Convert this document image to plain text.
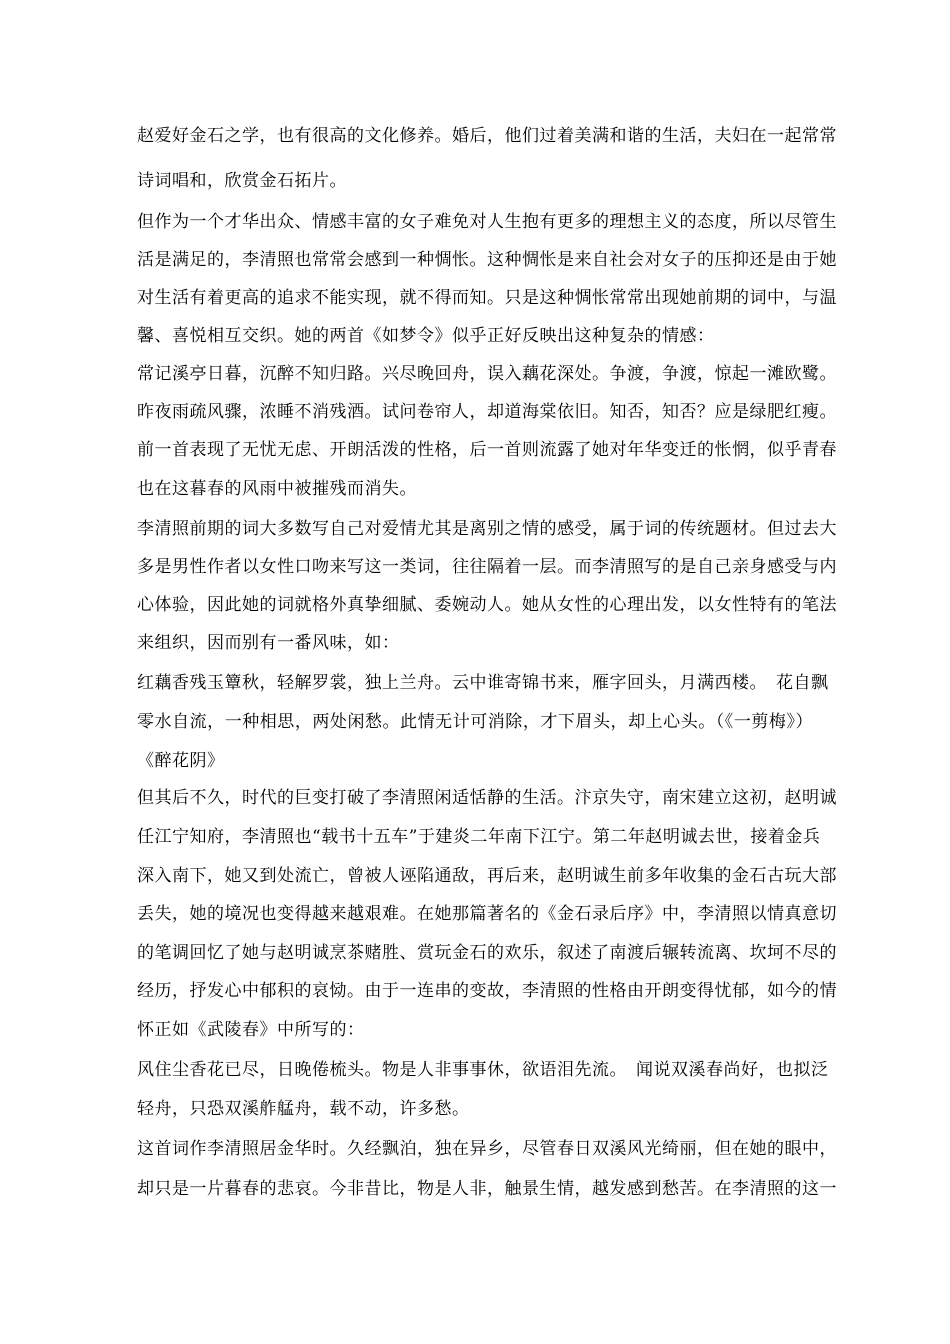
赵爱好金石之学，也有很高的文化修养。婚后，他们过着美满和谐的生活，夫妇在一起常常
诗词唱和，欣赏金石拓片。
但作为一个才华出众、情感丰富的女子难免对人生抱有更多的理想主义的态度，所以尽管生
活是满足的，李清照也常常会感到一种惆怅。这种惆怅是来自社会对女子的压抑还是由于她
对生活有着更高的追求不能实现，就不得而知。只是这种惆怅常常出现她前期的词中，与温
馨、喜悦相互交织。她的两首《如梦令》似乎正好反映出这种复杂的情感：
常记溪亭日暮，沉醉不知归路。兴尽晚回舟，误入藕花深处。争渡，争渡，惊起一滩欧鹭。
昨夜雨疏风骤，浓睡不消残酒。试问卷帘人，却道海棠依旧。知否，知否？应是绿肥红瘦。
前一首表现了无忧无虑、开朗活泼的性格，后一首则流露了她对年华变迁的怅惘，似乎青春
也在这暮春的风雨中被摧残而消失。
李清照前期的词大多数写自己对爱情尤其是离别之情的感受，属于词的传统题材。但过去大
多是男性作者以女性口吻来写这一类词，往往隔着一层。而李清照写的是自己亲身感受与内
心体验，因此她的词就格外真挚细腻、委婉动人。她从女性的心理出发，以女性特有的笔法
来组织，因而别有一番风味，如：
红藕香残玉簟秋，轻解罗裳，独上兰舟。云中谁寄锦书来，雁字回头，月满西楼。　花自飘
零水自流，一种相思，两处闲愁。此情无计可消除，才下眉头，却上心头。（《一剪梅》）
《醉花阴》
但其后不久，时代的巨变打破了李清照闲适恬静的生活。汴京失守，南宋建立这初，赵明诚
任江宁知府，李清照也“载书十五车”于建炎二年南下江宁。第二年赵明诚去世，接着金兵
深入南下，她又到处流亡，曾被人诬陷通敌，再后来，赵明诚生前多年收集的金石古玩大部
丢失，她的境况也变得越来越艰难。在她那篇著名的《金石录后序》中，李清照以情真意切
的笔调回忆了她与赵明诚烹茶赌胜、赏玩金石的欢乐，叙述了南渡后辗转流离、坎坷不尽的
经历，抒发心中郁积的哀恸。由于一连串的变故，李清照的性格由开朗变得忧郁，如今的情
怀正如《武陵春》中所写的：
风住尘香花已尽，日晚倦梳头。物是人非事事休，欲语泪先流。　闻说双溪春尚好，也拟泛
轻舟，只恐双溪舴艋舟，载不动，许多愁。
这首词作李清照居金华时。久经飘泊，独在异乡，尽管春日双溪风光绮丽，但在她的眼中，
却只是一片暮春的悲哀。今非昔比，物是人非，触景生情，越发感到愁苦。在李清照的这一
